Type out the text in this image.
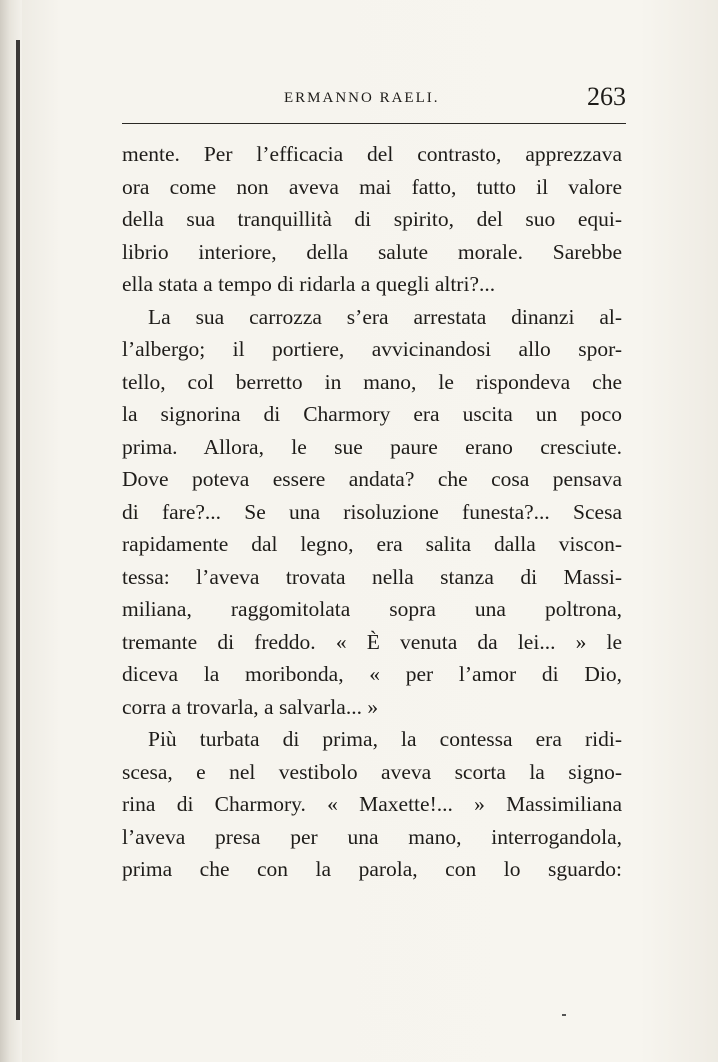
ERMANNO RAELI.	263
mente. Per l’efficacia del contrasto, apprezzava
ora come non aveva mai fatto, tutto il valore
della sua tranquillità di spirito, del suo equi-
librio interiore, della salute morale. Sarebbe
ella stata a tempo di ridarla a quegli altri?...
La sua carrozza s’era arrestata dinanzi al-
l’albergo; il portiere, avvicinandosi allo spor-
tello, col berretto in mano, le rispondeva che
la signorina di Charmory era uscita un poco
prima. Allora, le sue paure erano cresciute.
Dove poteva essere andata? che cosa pensava
di fare?... Se una risoluzione funesta?... Scesa
rapidamente dal legno, era salita dalla viscon-
tessa: l’aveva trovata nella stanza di Massi-
miliana, raggomitolata sopra una poltrona,
tremante di freddo. « È venuta da lei... » le
diceva la moribonda, « per l’amor di Dio,
corra a trovarla, a salvarla... »
Più turbata di prima, la contessa era ridi-
scesa, e nel vestibolo aveva scorta la signo-
rina di Charmory. « Maxette!... » Massimiliana
l’aveva presa per una mano, interrogandola,
prima che con la parola, con lo sguardo:
